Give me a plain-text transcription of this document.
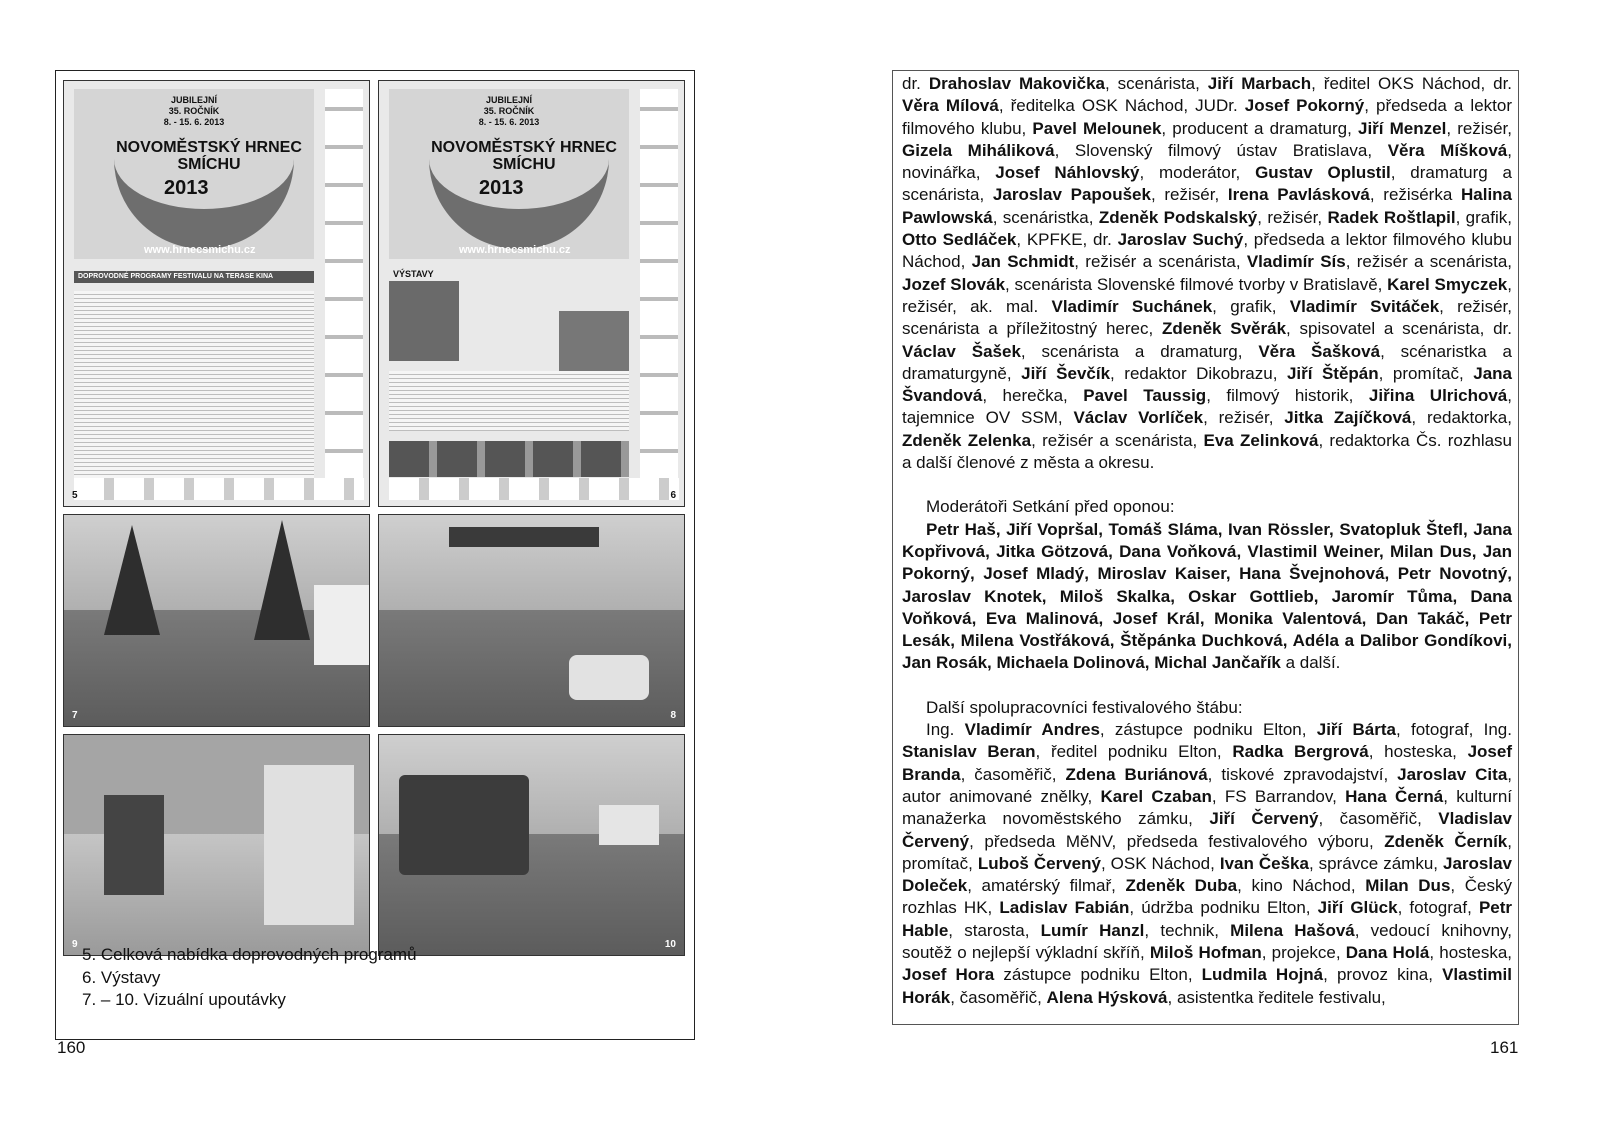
JUBILEJNÍ
35. ROČNÍK
8. - 15. 6. 2013
NOVOMĚSTSKÝ HRNEC SMÍCHU
2013
www.hrnecsmichu.cz
DOPROVODNÉ PROGRAMY FESTIVALU NA TERASE KINA
5
JUBILEJNÍ
35. ROČNÍK
8. - 15. 6. 2013
NOVOMĚSTSKÝ HRNEC SMÍCHU
2013
www.hrnecsmichu.cz
VÝSTAVY
6
7	8
9	10
5. Celková nabídka doprovodných programů
6. Výstavy
7. – 10. Vizuální upoutávky
160

dr. Drahoslav Makovička, scenárista, Jiří Marbach, ředitel OKS Náchod, dr. Věra Mílová, ředitelka OSK Náchod, JUDr. Josef Pokorný, předseda a lektor filmového klubu, Pavel Melounek, producent a dramaturg, Jiří Menzel, režisér, Gizela Miháliková, Slovenský filmový ústav Bratislava, Věra Míšková, novinářka, Josef Náhlovský, moderátor, Gustav Oplustil, dramaturg a scenárista, Jaroslav Papoušek, režisér, Irena Pavlásková, režisérka Halina Pawlowská, scenáristka, Zdeněk Podskalský, režisér, Radek Roštlapil, grafik, Otto Sedláček, KPFKE, dr. Jaroslav Suchý, předseda a lektor filmového klubu Náchod, Jan Schmidt, režisér a scenárista, Vladimír Sís, režisér a scenárista, Jozef Slovák, scenárista Slovenské filmové tvorby v Bratislavě, Karel Smyczek, režisér, ak. mal. Vladimír Suchánek, grafik, Vladimír Svitáček, režisér, scenárista a příležitostný herec, Zdeněk Svěrák, spisovatel a scenárista, dr. Václav Šašek, scenárista a dramaturg, Věra Šašková, scénaristka a dramaturgyně, Jiří Ševčík, redaktor Dikobrazu, Jiří Štěpán, promítač, Jana Švandová, herečka, Pavel Taussig, filmový historik, Jiřina Ulrichová, tajemnice OV SSM, Václav Vorlíček, režisér, Jitka Zajíčková, redaktorka, Zdeněk Zelenka, režisér a scenárista, Eva Zelinková, redaktorka Čs. rozhlasu a další členové z města a okresu.

Moderátoři Setkání před oponou:

Petr Haš, Jiří Vopršal, Tomáš Sláma, Ivan Rössler, Svatopluk Štefl, Jana Kopřivová, Jitka Götzová, Dana Voňková, Vlastimil Weiner, Milan Dus, Jan Pokorný, Josef Mladý, Miroslav Kaiser, Hana Švejnohová, Petr Novotný, Jaroslav Knotek, Miloš Skalka, Oskar Gottlieb, Jaromír Tůma, Dana Voňková, Eva Malinová, Josef Král, Monika Valentová, Dan Takáč, Petr Lesák, Milena Vostřáková, Štěpánka Duchková, Adéla a Dalibor Gondíkovi, Jan Rosák, Michaela Dolinová, Michal Jančařík a další.

Další spolupracovníci festivalového štábu:

Ing. Vladimír Andres, zástupce podniku Elton, Jiří Bárta, fotograf, Ing. Stanislav Beran, ředitel podniku Elton, Radka Bergrová, hosteska, Josef Branda, časoměřič, Zdena Buriánová, tiskové zpravodajství, Jaroslav Cita, autor animované znělky, Karel Czaban, FS Barrandov, Hana Černá, kulturní manažerka novoměstského zámku, Jiří Červený, časoměřič, Vladislav Červený, předseda MěNV, předseda festivalového výboru, Zdeněk Černík, promítač, Luboš Červený, OSK Náchod, Ivan Češka, správce zámku, Jaroslav Doleček, amatérský filmař, Zdeněk Duba, kino Náchod, Milan Dus, Český rozhlas HK, Ladislav Fabián, údržba podniku Elton, Jiří Glück, fotograf, Petr Hable, starosta, Lumír Hanzl, technik, Milena Hašová, vedoucí knihovny, soutěž o nejlepší výkladní skříň, Miloš Hofman, projekce, Dana Holá, hosteska, Josef Hora zástupce podniku Elton, Ludmila Hojná, provoz kina, Vlastimil Horák, časoměřič, Alena Hýsková, asistentka ředitele festivalu,

161
